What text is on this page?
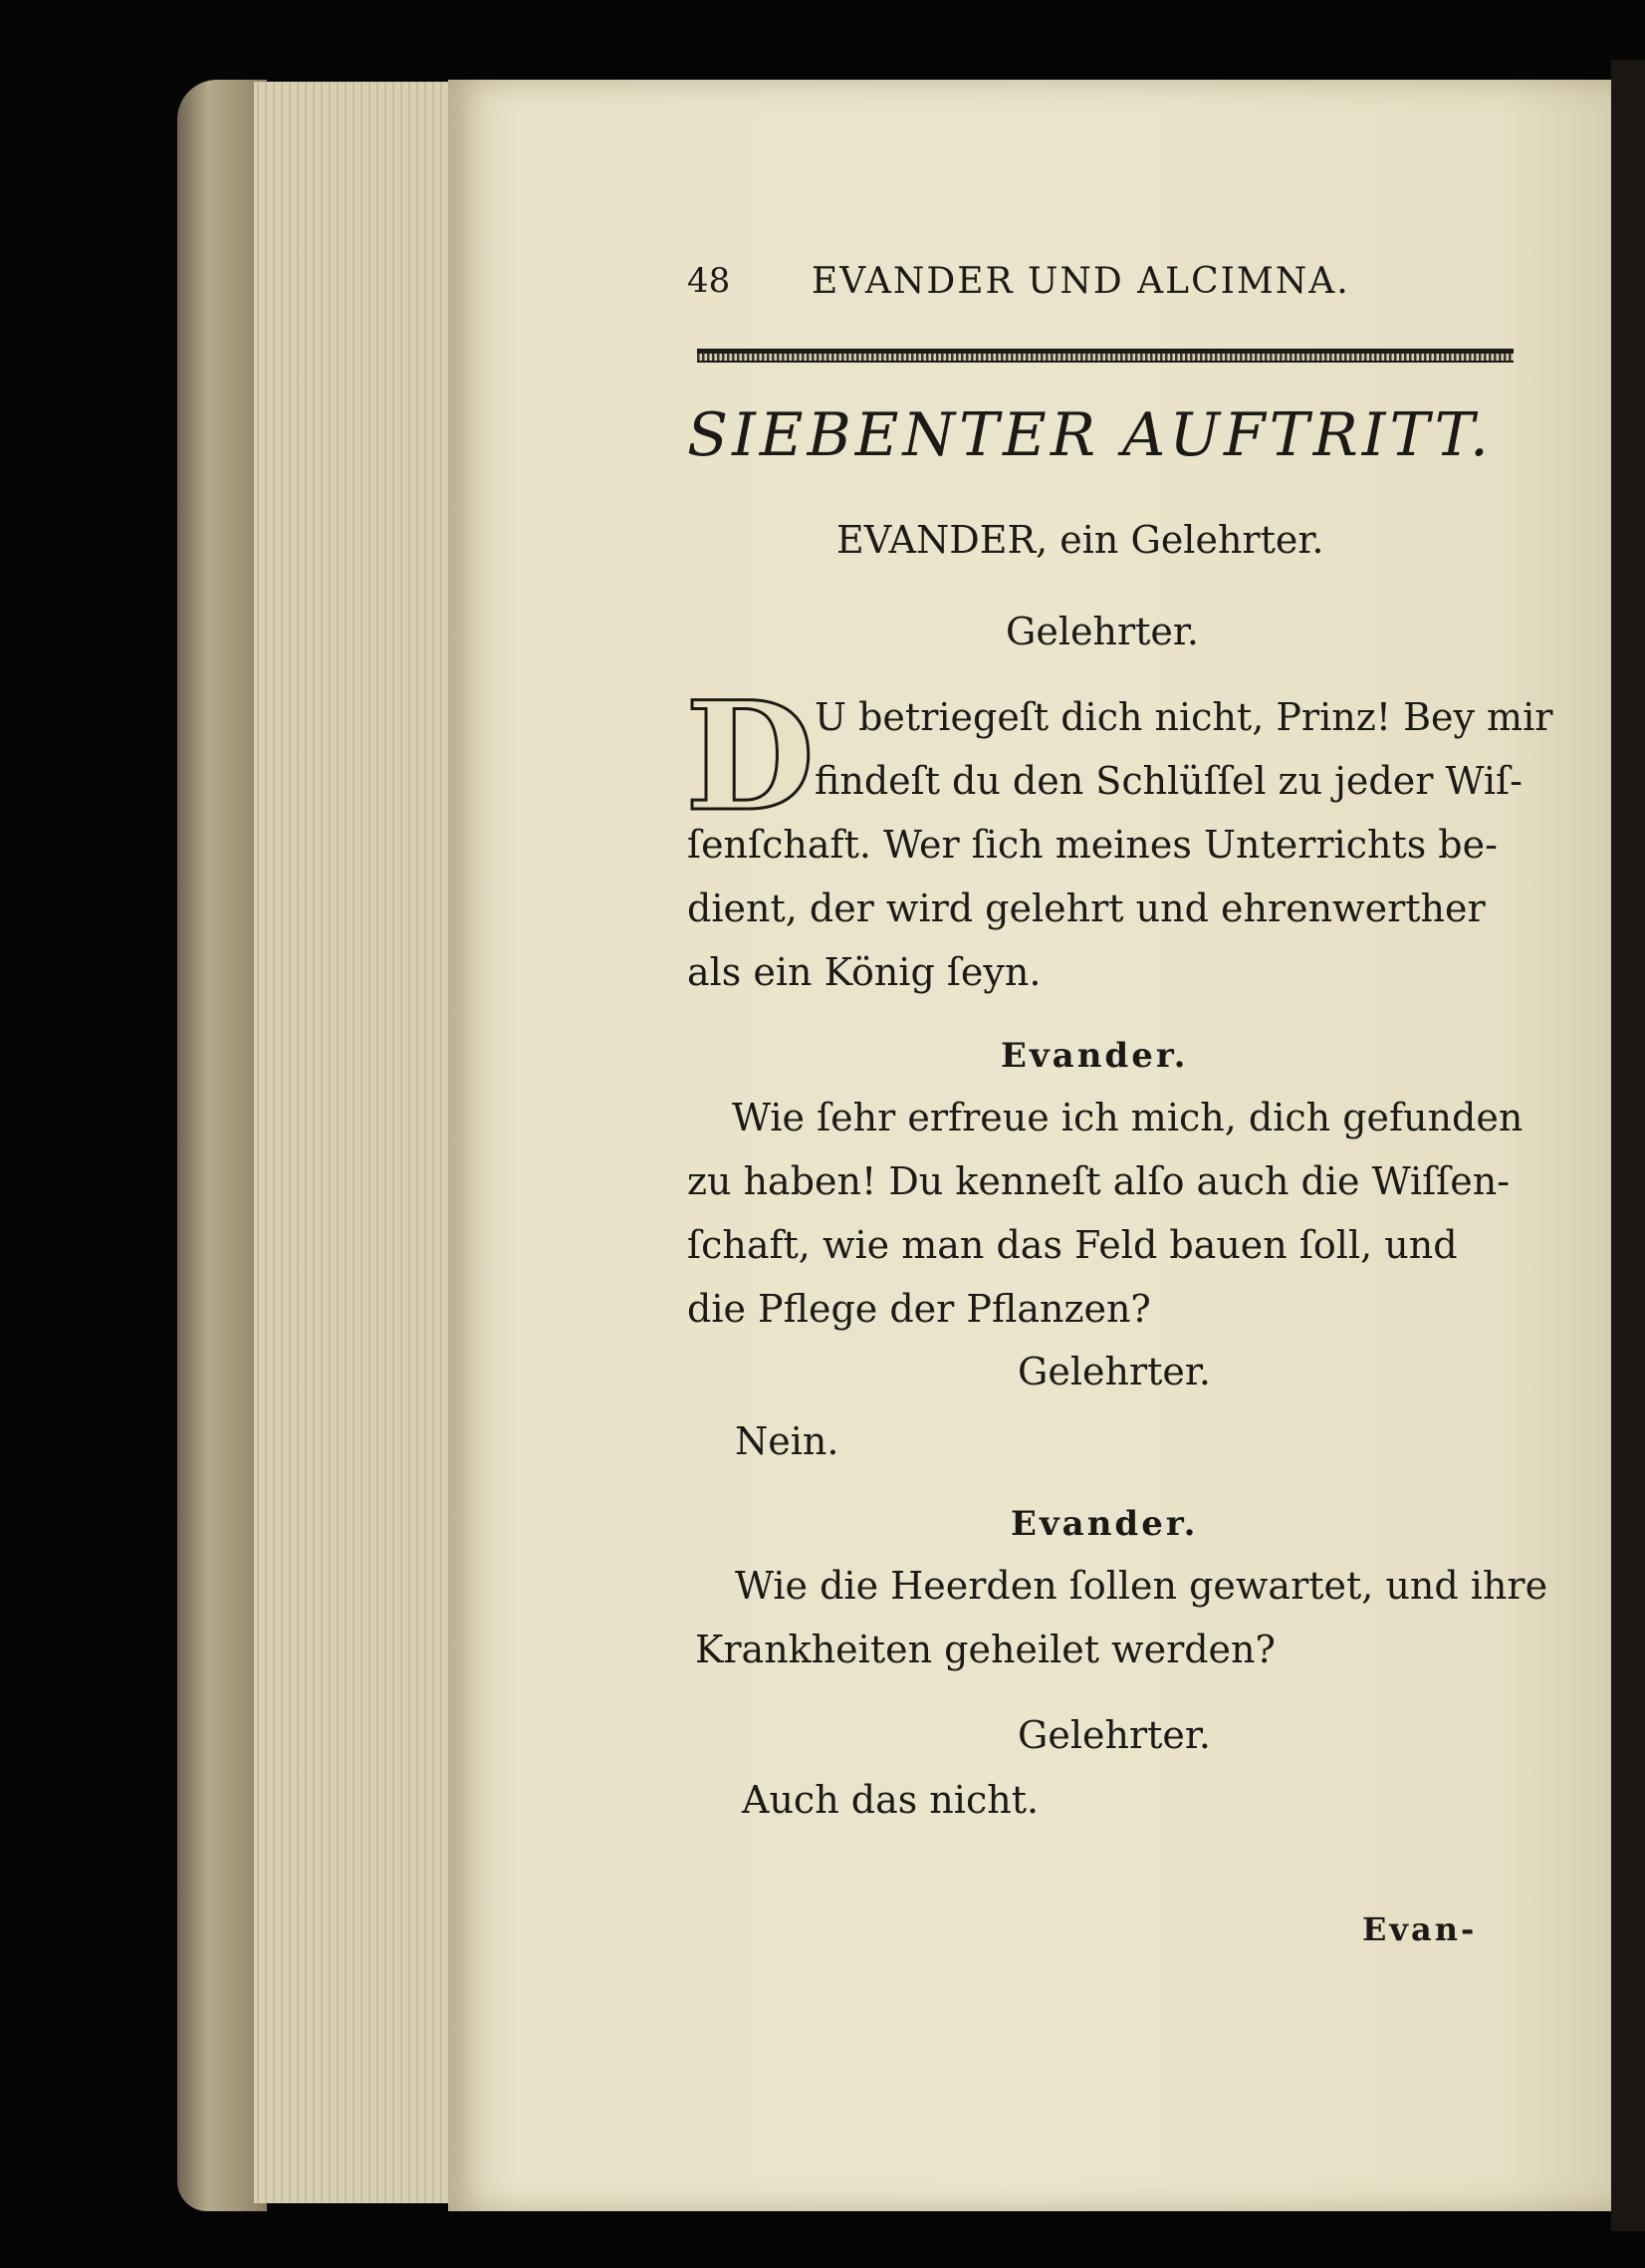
48 EVANDER UND ALCIMNA.
SIEBENTER AUFTRITT.
EVANDER, ein Gelehrter.
Gelehrter.
D U betriegeſt dich nicht, Prinz! Bey mir
findeſt du den Schlüſſel zu jeder Wiſ-
ſenſchaft. Wer ſich meines Unterrichts be-
dient, der wird gelehrt und ehrenwerther
als ein König ſeyn.
Evander.
Wie ſehr erfreue ich mich, dich gefunden
zu haben! Du kenneſt alſo auch die Wiſſen-
ſchaft, wie man das Feld bauen ſoll, und
die Pflege der Pflanzen?
Gelehrter.
Nein.
Evander.
Wie die Heerden ſollen gewartet, und ihre
Krankheiten geheilet werden?
Gelehrter.
Auch das nicht.
Evan-
